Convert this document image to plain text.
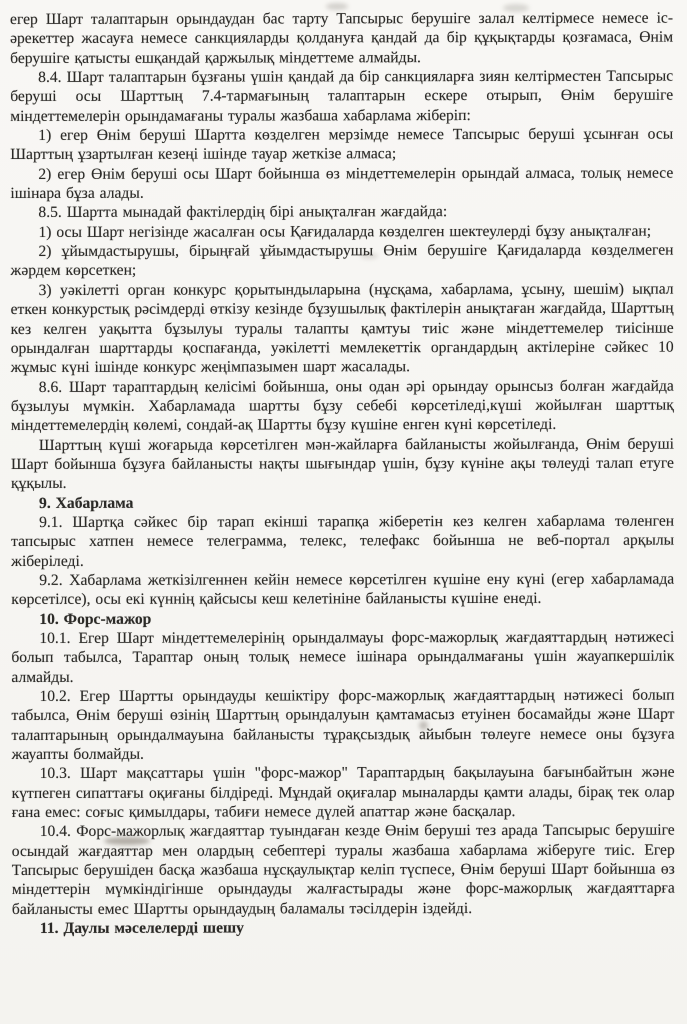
егер Шарт талаптарын орындаудан бас тарту Тапсырыс берушіге залал келтірмесе немесе іс-әрекеттер жасауға немесе санкцияларды қолдануға қандай да бір құқықтарды қозғамаса, Өнім берушіге қатысты ешқандай қаржылық міндеттеме алмайды.

8.4. Шарт талаптарын бұзғаны үшін қандай да бір санкцияларға зиян келтірместен Тапсырыс беруші осы Шарттың 7.4-тармағының талаптарын ескере отырып, Өнім берушіге міндеттемелерін орындамағаны туралы жазбаша хабарлама жіберіп:

1) егер Өнім беруші Шартта көзделген мерзімде немесе Тапсырыс беруші ұсынған осы Шарттың ұзартылған кезеңі ішінде тауар жеткізе алмаса;

2) егер Өнім беруші осы Шарт бойынша өз міндеттемелерін орындай алмаса, толық немесе ішінара бұза алады.

8.5. Шартта мынадай фактілердің бірі анықталған жағдайда:

1) осы Шарт негізінде жасалған осы Қағидаларда көзделген шектеулерді бұзу анықталған;

2) ұйымдастырушы, бірыңғай ұйымдастырушы Өнім берушіге Қағидаларда көзделмеген жәрдем көрсеткен;

3) уәкілетті орган конкурс қорытындыларына (нұсқама, хабарлама, ұсыну, шешім) ықпал еткен конкурстық рәсімдерді өткізу кезінде бұзушылық фактілерін анықтаған жағдайда, Шарттың кез келген уақытта бұзылуы туралы талапты қамтуы тиіс және міндеттемелер тиісінше орындалған шарттарды қоспағанда, уәкілетті мемлекеттік органдардың актілеріне сәйкес 10 жұмыс күні ішінде конкурс жеңімпазымен шарт жасалады.

8.6. Шарт тараптардың келісімі бойынша, оны одан әрі орындау орынсыз болған жағдайда бұзылуы мүмкін. Хабарламада шартты бұзу себебі көрсетіледі,күші жойылған шарттық міндеттемелердің көлемі, сондай-ақ Шартты бұзу күшіне енген күні көрсетіледі.

Шарттың күші жоғарыда көрсетілген мән-жайларға байланысты жойылғанда, Өнім беруші Шарт бойынша бұзуға байланысты нақты шығындар үшін, бұзу күніне ақы төлеуді талап етуге құқылы.

9. Хабарлама

9.1. Шартқа сәйкес бір тарап екінші тарапқа жіберетін кез келген хабарлама төленген тапсырыс хатпен немесе телеграмма, телекс, телефакс бойынша не веб-портал арқылы жіберіледі.

9.2. Хабарлама жеткізілгеннен кейін немесе көрсетілген күшіне ену күні (егер хабарламада көрсетілсе), осы екі күннің қайсысы кеш келетініне байланысты күшіне енеді.

10. Форс-мажор

10.1. Егер Шарт міндеттемелерінің орындалмауы форс-мажорлық жағдаяттардың нәтижесі болып табылса, Тараптар оның толық немесе ішінара орындалмағаны үшін жауапкершілік алмайды.

10.2. Егер Шартты орындауды кешіктіру форс-мажорлық жағдаяттардың нәтижесі болып табылса, Өнім беруші өзінің Шарттың орындалуын қамтамасыз етуінен босамайды және Шарт талаптарының орындалмауына байланысты тұрақсыздық айыбын төлеуге немесе оны бұзуға жауапты болмайды.

10.3. Шарт мақсаттары үшін "форс-мажор" Тараптардың бақылауына бағынбайтын және күтпеген сипаттағы оқиғаны білдіреді. Мұндай оқиғалар мыналарды қамти алады, бірақ тек олар ғана емес: соғыс қимылдары, табиғи немесе дүлей апаттар және басқалар.

10.4. Форс-мажорлық жағдаяттар туындаған кезде Өнім беруші тез арада Тапсырыс берушіге осындай жағдаяттар мен олардың себептері туралы жазбаша хабарлама жіберуге тиіс. Егер Тапсырыс берушіден басқа жазбаша нұсқаулықтар келіп түспесе, Өнім беруші Шарт бойынша өз міндеттерін мүмкіндігінше орындауды жалғастырады және форс-мажорлық жағдаяттарға байланысты емес Шартты орындаудың баламалы тәсілдерін іздейді.

11. Даулы мәселелерді шешу
